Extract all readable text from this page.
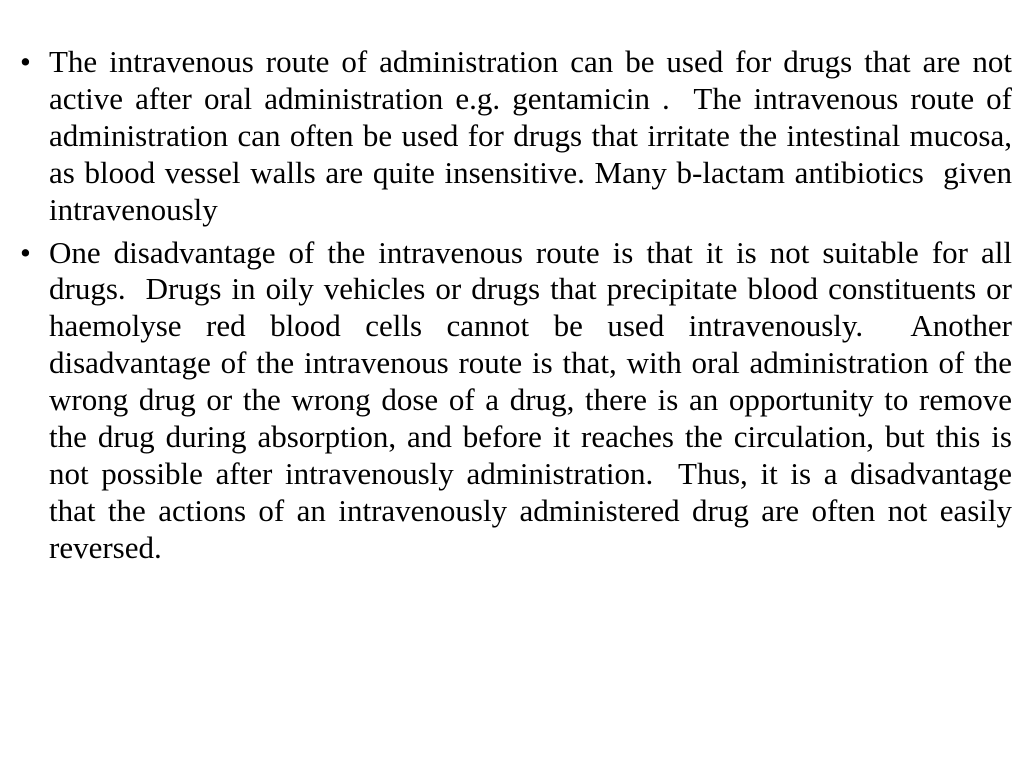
• The intravenous route of administration can be used for drugs that are not active after oral administration e.g. gentamicin .  The intravenous route of administration can often be used for drugs that irritate the intestinal mucosa, as blood vessel walls are quite insensitive. Many b-lactam antibiotics  given intravenously
• One disadvantage of the intravenous route is that it is not suitable for all drugs.  Drugs in oily vehicles or drugs that precipitate blood constituents or haemolyse red blood cells cannot be used intravenously.  Another disadvantage of the intravenous route is that, with oral administration of the wrong drug or the wrong dose of a drug, there is an opportunity to remove the drug during absorption, and before it reaches the circulation, but this is not possible after intravenously administration.  Thus, it is a disadvantage that the actions of an intravenously administered drug are often not easily reversed.
